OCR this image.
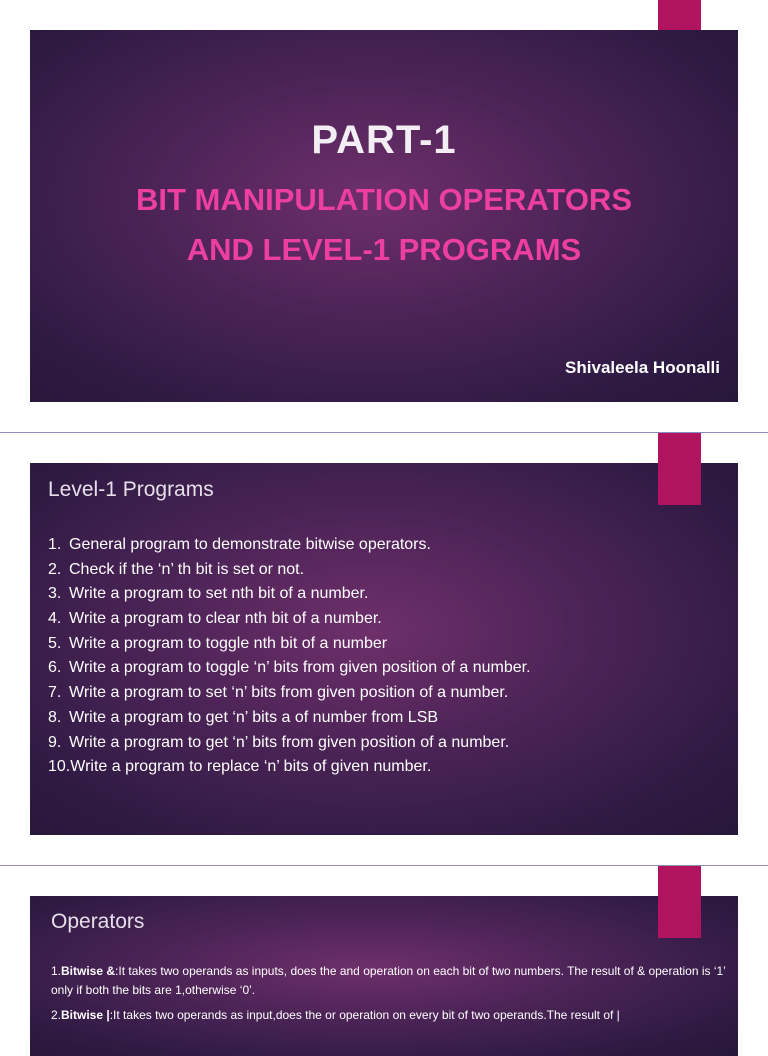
PART-1
BIT MANIPULATION OPERATORS
AND LEVEL-1 PROGRAMS
Shivaleela Hoonalli
Level-1 Programs
1. General program to demonstrate bitwise operators.
2. Check if the ‘n’ th bit is set or not.
3. Write a program to set nth bit of a number.
4. Write a program to clear nth bit of a number.
5. Write a program to toggle nth bit of a number
6. Write a program to toggle ‘n’ bits from given position of a number.
7. Write a program to set ‘n’ bits from given position of a number.
8. Write a program to get ‘n’ bits a of number from LSB
9. Write a program to get ‘n’ bits from given position of a number.
10.Write a program to replace ‘n’ bits of given number.
Operators
1.Bitwise &:It takes two operands as inputs, does the and operation on each bit of two numbers. The result of & operation is ‘1’ only if both the bits are 1,otherwise ‘0’.
2.Bitwise |:It takes two operands as input,does the or operation on every bit of two operands.The result of |
